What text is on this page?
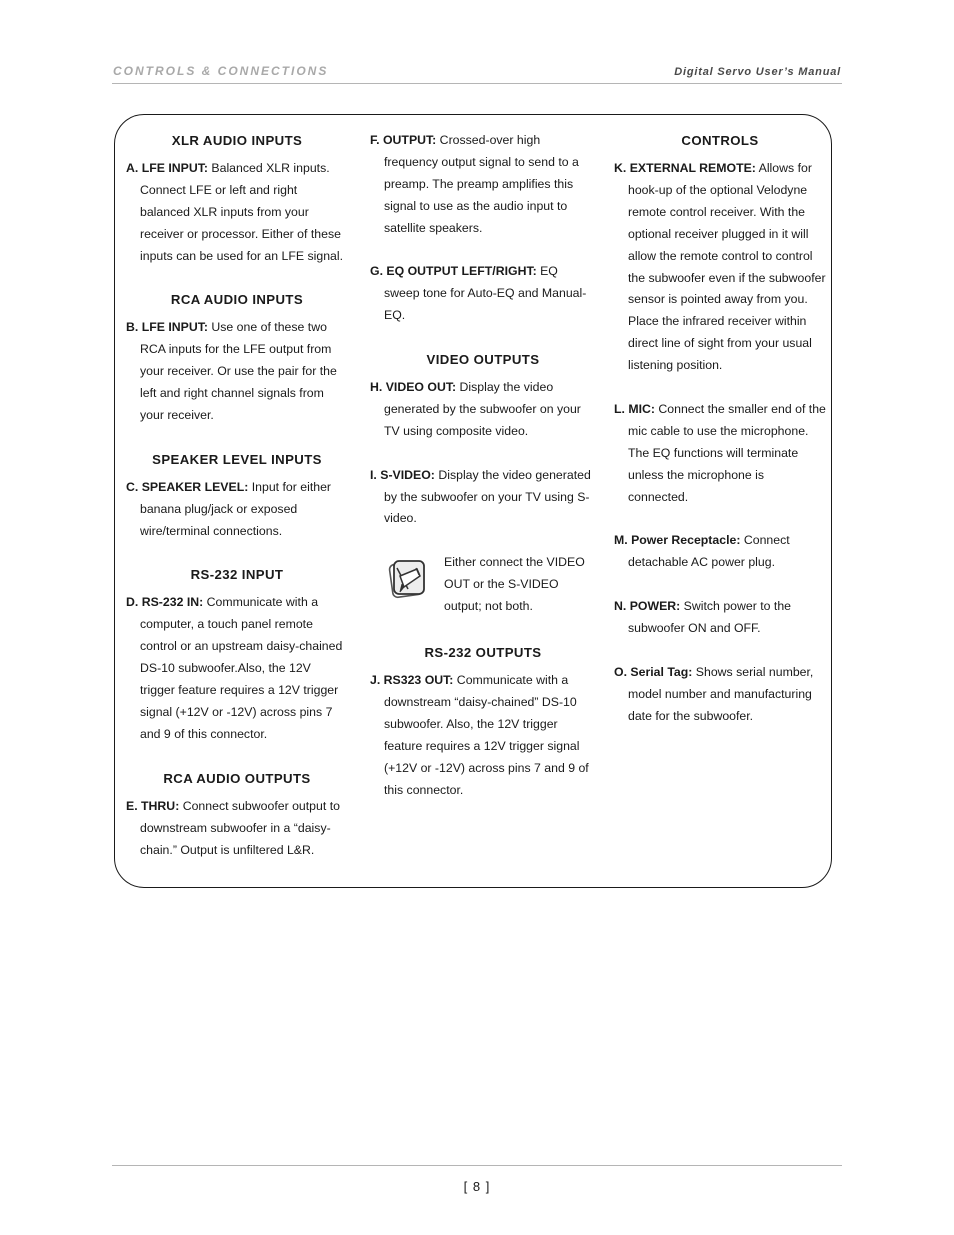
CONTROLS & CONNECTIONS	Digital Servo User’s Manual
XLR AUDIO INPUTS

A. LFE INPUT: Balanced XLR inputs. Connect LFE or left and right balanced XLR inputs from your receiver or processor. Either of these inputs can be used for an LFE signal.

RCA AUDIO INPUTS

B. LFE INPUT: Use one of these two RCA inputs for the LFE output from your receiver. Or use the pair for the left and right channel signals from your receiver.

SPEAKER LEVEL INPUTS

C. SPEAKER LEVEL: Input for either banana plug/jack or exposed wire/terminal connections.

RS-232 INPUT

D. RS-232 IN: Communicate with a computer, a touch panel remote control or an upstream daisy-chained DS-10 subwoofer.Also, the 12V trigger feature requires a 12V trigger signal (+12V or -12V) across pins 7 and 9 of this connector.

RCA AUDIO OUTPUTS

E. THRU: Connect subwoofer output to downstream subwoofer in a “daisy-chain.” Output is unfiltered L&R.

F. OUTPUT: Crossed-over high frequency output signal to send to a preamp. The preamp amplifies this signal to use as the audio input to satellite speakers.

G. EQ OUTPUT LEFT/RIGHT: EQ sweep tone for Auto-EQ and Manual-EQ.

VIDEO OUTPUTS

H. VIDEO OUT: Display the video generated by the subwoofer on your TV using composite video.

I. S-VIDEO: Display the video generated by the subwoofer on your TV using S-video.

Either connect the VIDEO OUT or the S-VIDEO output; not both.
RS-232 OUTPUTS

J. RS323 OUT: Communicate with a downstream “daisy-chained” DS-10 subwoofer. Also, the 12V trigger feature requires a 12V trigger signal (+12V or -12V) across pins 7 and 9 of this connector.

CONTROLS

K. EXTERNAL REMOTE: Allows for hook-up of the optional Velodyne remote control receiver. With the optional receiver plugged in it will allow the remote control to control the subwoofer even if the subwoofer sensor is pointed away from you. Place the infrared receiver within direct line of sight from your usual listening position.

L. MIC: Connect the smaller end of the mic cable to use the microphone. The EQ functions will terminate unless the microphone is connected.

M. Power Receptacle: Connect detachable AC power plug.

N. POWER: Switch power to the subwoofer ON and OFF.

O. Serial Tag: Shows serial number, model number and manufacturing date for the subwoofer.

[ 8 ]
